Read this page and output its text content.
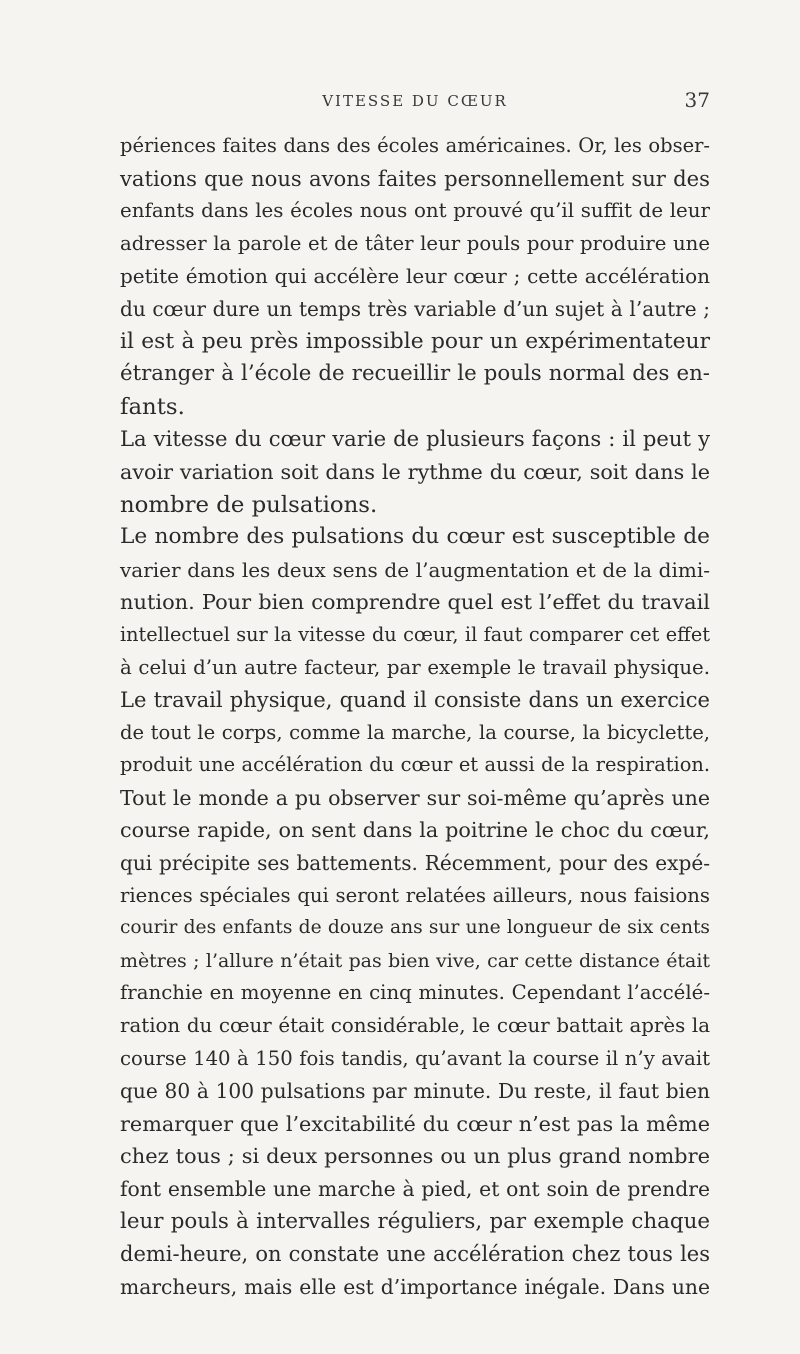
VITESSE DU CŒUR	37

périences faites dans des écoles américaines. Or, les obser-
vations que nous avons faites personnellement sur des
enfants dans les écoles nous ont prouvé qu’il suffit de leur
adresser la parole et de tâter leur pouls pour produire une
petite émotion qui accélère leur cœur ; cette accélération
du cœur dure un temps très variable d’un sujet à l’autre ;
il est à peu près impossible pour un expérimentateur
étranger à l’école de recueillir le pouls normal des en-
fants.

La vitesse du cœur varie de plusieurs façons : il peut y
avoir variation soit dans le rythme du cœur, soit dans le
nombre de pulsations.

Le nombre des pulsations du cœur est susceptible de
varier dans les deux sens de l’augmentation et de la dimi-
nution. Pour bien comprendre quel est l’effet du travail
intellectuel sur la vitesse du cœur, il faut comparer cet effet
à celui d’un autre facteur, par exemple le travail physique.
Le travail physique, quand il consiste dans un exercice
de tout le corps, comme la marche, la course, la bicyclette,
produit une accélération du cœur et aussi de la respiration.
Tout le monde a pu observer sur soi-même qu’après une
course rapide, on sent dans la poitrine le choc du cœur,
qui précipite ses battements. Récemment, pour des expé-
riences spéciales qui seront relatées ailleurs, nous faisions
courir des enfants de douze ans sur une longueur de six cents
mètres ; l’allure n’était pas bien vive, car cette distance était
franchie en moyenne en cinq minutes. Cependant l’accélé-
ration du cœur était considérable, le cœur battait après la
course 140 à 150 fois tandis, qu’avant la course il n’y avait
que 80 à 100 pulsations par minute. Du reste, il faut bien
remarquer que l’excitabilité du cœur n’est pas la même
chez tous ; si deux personnes ou un plus grand nombre
font ensemble une marche à pied, et ont soin de prendre
leur pouls à intervalles réguliers, par exemple chaque
demi-heure, on constate une accélération chez tous les
marcheurs, mais elle est d’importance inégale. Dans une
